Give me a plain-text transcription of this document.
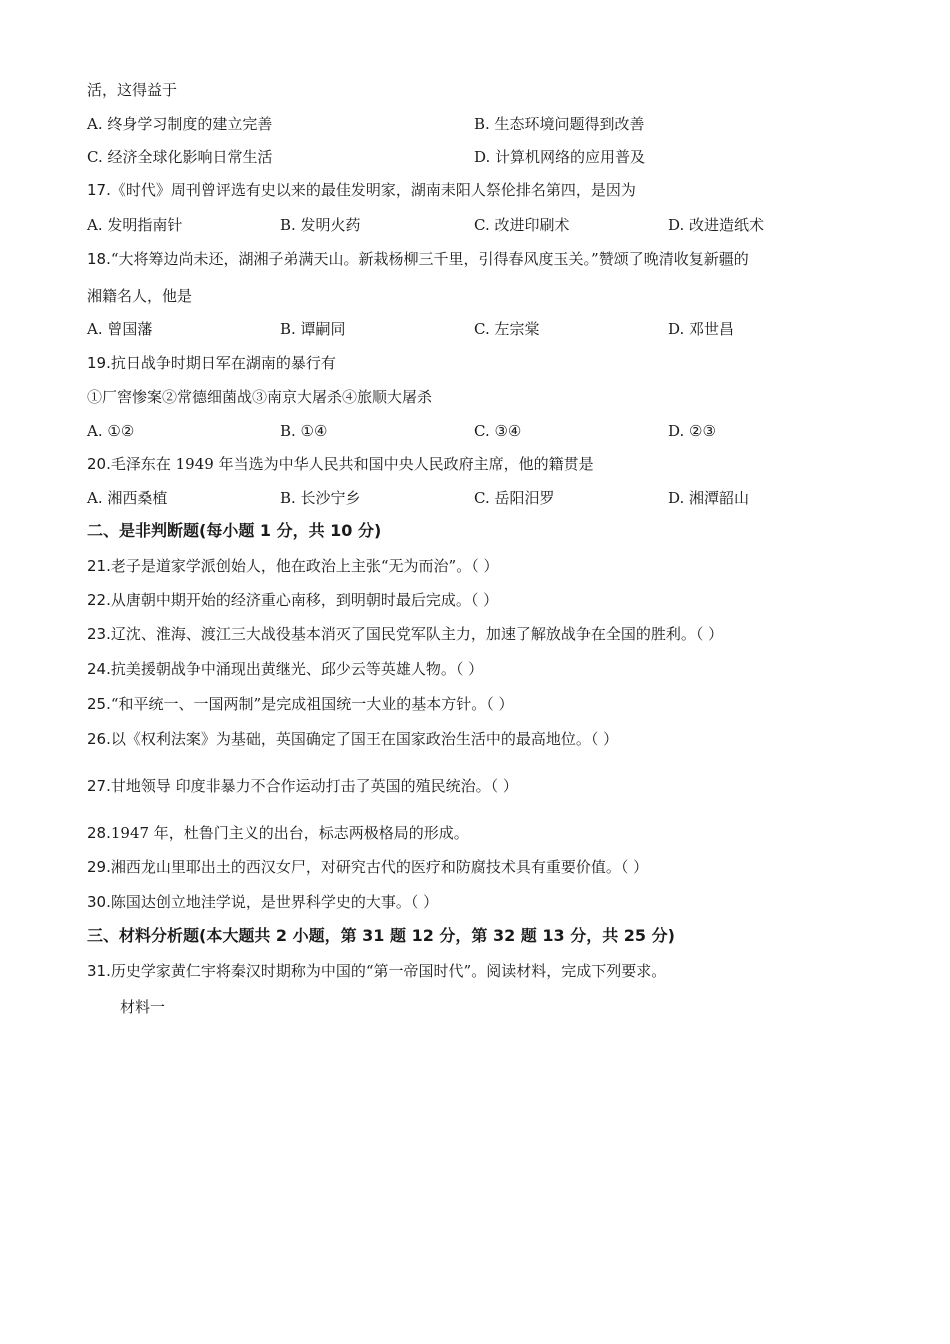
活，这得益于
A. 终身学习制度的建立完善	B. 生态环境问题得到改善
C. 经济全球化影响日常生活	D. 计算机网络的应用普及
17.《时代》周刊曾评选有史以来的最佳发明家，湖南耒阳人祭伦排名第四，是因为
A. 发明指南针	B. 发明火药	C. 改进印刷术	D. 改进造纸术
18.“大将筹边尚未还，湖湘子弟满天山。新栽杨柳三千里，引得春风度玉关。”赞颂了晚清收复新疆的
湘籍名人，他是
A. 曾国藩	B. 谭嗣同	C. 左宗棠	D. 邓世昌
19.抗日战争时期日军在湖南的暴行有
①厂窖惨案②常德细菌战③南京大屠杀④旅顺大屠杀
A. ①②	B. ①④	C. ③④	D. ②③
20.毛泽东在 1949 年当选为中华人民共和国中央人民政府主席，他的籍贯是
A. 湘西桑植	B. 长沙宁乡	C. 岳阳汨罗	D. 湘潭韶山
二、是非判断题(每小题 1 分，共 10 分)
21.老子是道家学派创始人，他在政治上主张“无为而治”。（ ）
22.从唐朝中期开始的经济重心南移，到明朝时最后完成。（ ）
23.辽沈、淮海、渡江三大战役基本消灭了国民党军队主力，加速了解放战争在全国的胜利。（ ）
24.抗美援朝战争中涌现出黄继光、邱少云等英雄人物。（ ）
25.“和平统一、一国两制”是完成祖国统一大业的基本方针。（ ）
26.以《权利法案》为基础，英国确定了国王在国家政治生活中的最高地位。（ ）
27.甘地领导 印度非暴力不合作运动打击了英国的殖民统治。（ ）
28.1947 年，杜鲁门主义的出台，标志两极格局的形成。
29.湘西龙山里耶出土的西汉女尸，对研究古代的医疗和防腐技术具有重要价值。（ ）
30.陈国达创立地洼学说，是世界科学史的大事。（ ）
三、材料分析题(本大题共 2 小题，第 31 题 12 分，第 32 题 13 分，共 25 分)
31.历史学家黄仁宇将秦汉时期称为中国的“第一帝国时代”。阅读材料，完成下列要求。
材料一
